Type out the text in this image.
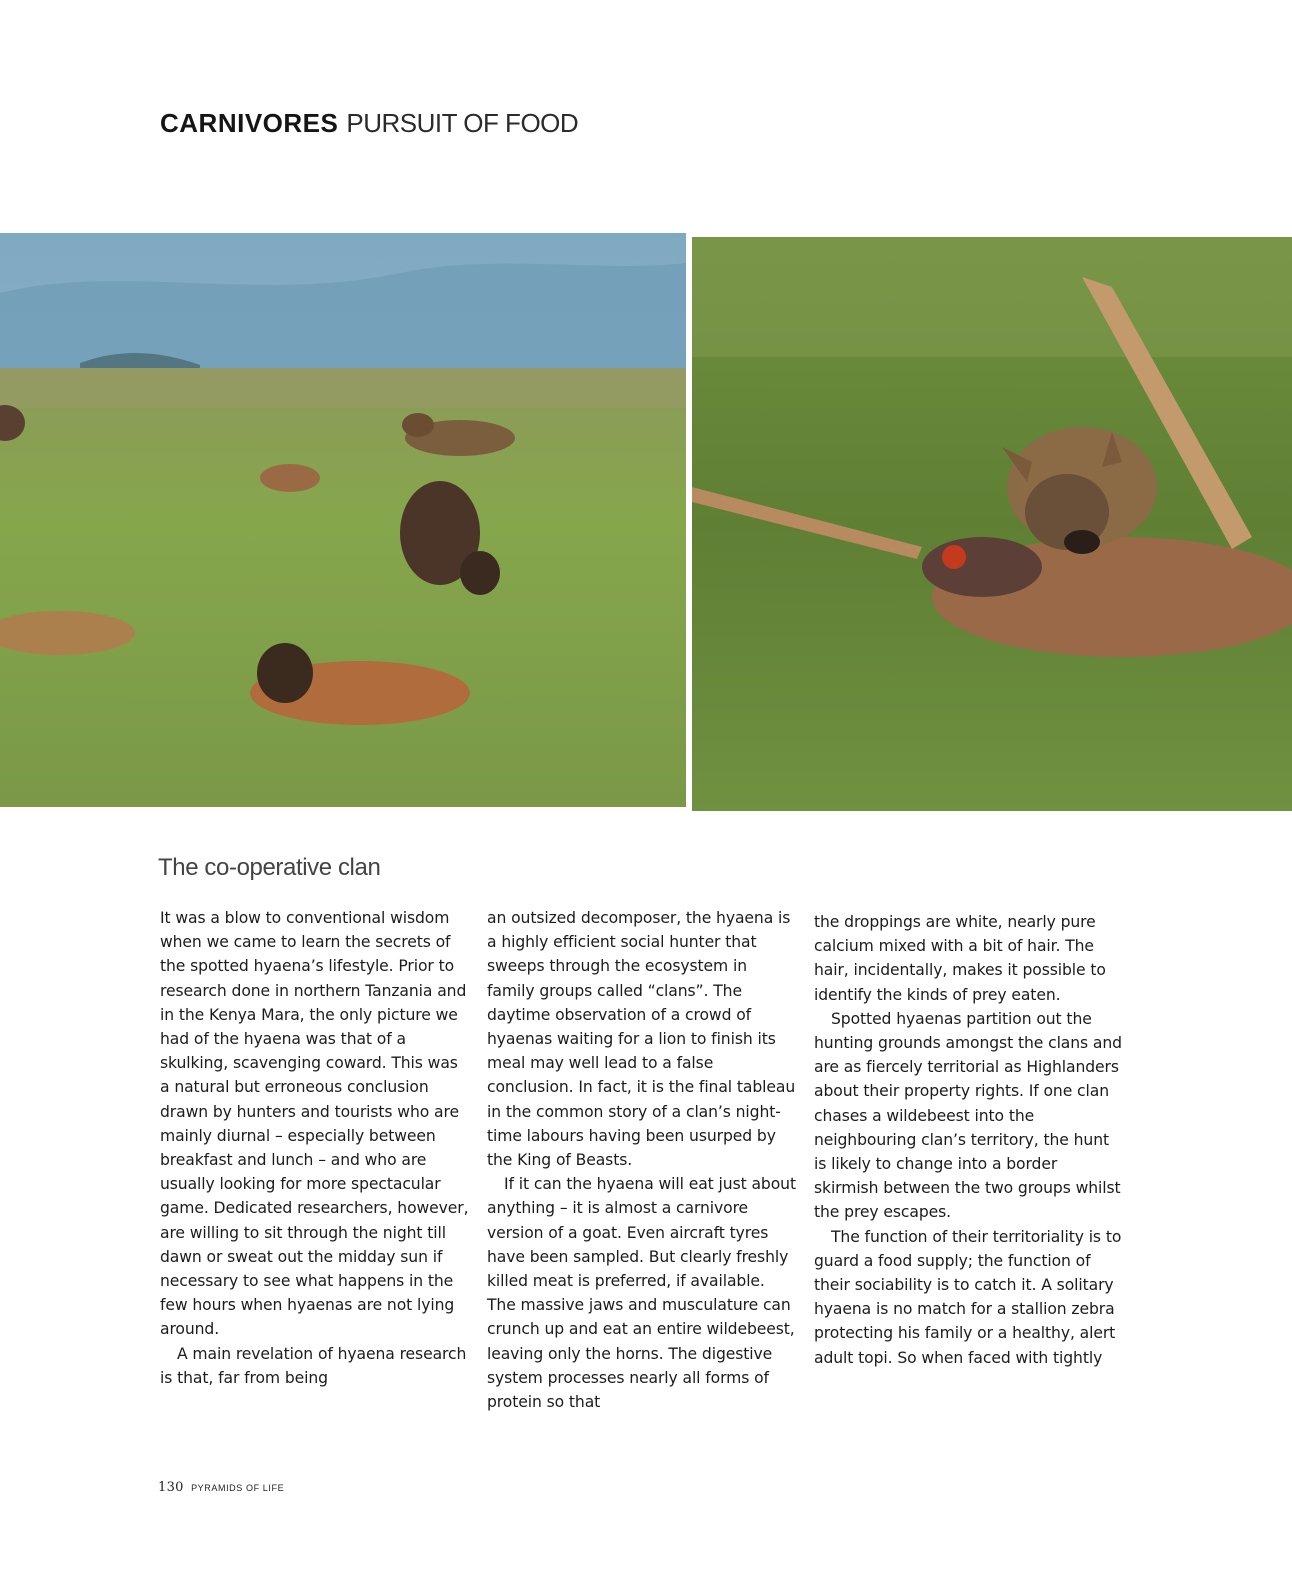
CARNIVORES PURSUIT OF FOOD
The co-operative clan

It was a blow to conventional wisdom when we came to learn the secrets of the spotted hyaena’s lifestyle. Prior to research done in northern Tanzania and in the Kenya Mara, the only picture we had of the hyaena was that of a skulking, scavenging coward. This was a natural but erroneous conclusion drawn by hunters and tourists who are mainly diurnal – especially between breakfast and lunch – and who are usually looking for more spectacular game. Dedicated researchers, however, are willing to sit through the night till dawn or sweat out the midday sun if necessary to see what happens in the few hours when hyaenas are not lying around.

A main revelation of hyaena research is that, far from being

an outsized decomposer, the hyaena is a highly efficient social hunter that sweeps through the ecosystem in family groups called “clans”. The daytime observation of a crowd of hyaenas waiting for a lion to finish its meal may well lead to a false conclusion. In fact, it is the final tableau in the common story of a clan’s night-time labours having been usurped by the King of Beasts.

If it can the hyaena will eat just about anything – it is almost a carnivore version of a goat. Even aircraft tyres have been sampled. But clearly freshly killed meat is preferred, if available. The massive jaws and musculature can crunch up and eat an entire wildebeest, leaving only the horns. The digestive system processes nearly all forms of protein so that

the droppings are white, nearly pure calcium mixed with a bit of hair. The hair, incidentally, makes it possible to identify the kinds of prey eaten.

Spotted hyaenas partition out the hunting grounds amongst the clans and are as fiercely territorial as Highlanders about their property rights. If one clan chases a wildebeest into the neighbouring clan’s territory, the hunt is likely to change into a border skirmish between the two groups whilst the prey escapes.

The function of their territoriality is to guard a food supply; the function of their sociability is to catch it. A solitary hyaena is no match for a stallion zebra protecting his family or a healthy, alert adult topi. So when faced with tightly

130 PYRAMIDS OF LIFE
